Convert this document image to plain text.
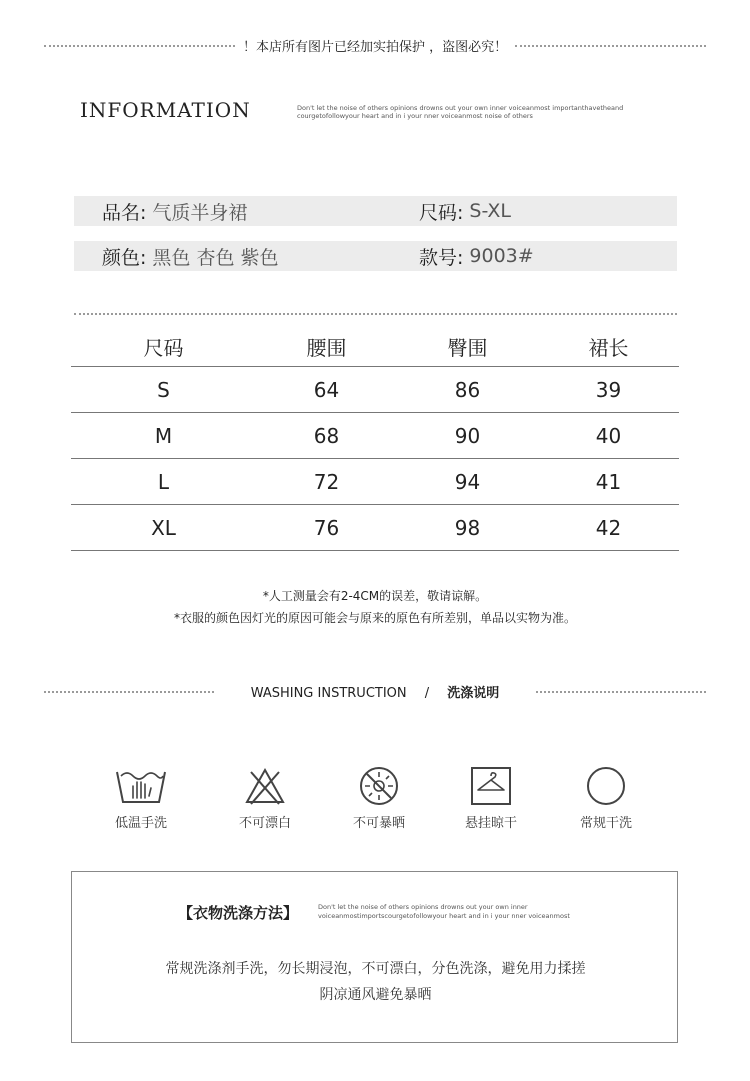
！本店所有图片已经加实拍保护 ，盗图必究！
INFORMATION	Don't let the noise of others opinions drowns out your own inner voiceanmost importanthavetheand courgetofollowyour heart and in i your nner voiceanmost noise of others
品名: 气质半身裙	尺码: S-XL
颜色: 黑色 杏色 紫色	款号: 9003#
尺码	腰围	臀围	裙长
S	64	86	39
M	68	90	40
L	72	94	41
XL	76	98	42
*人工测量会有2-4CM的误差，敬请谅解。
*衣服的颜色因灯光的原因可能会与原来的原色有所差别，单品以实物为准。
WASHING INSTRUCTION / 洗涤说明
低温手洗	不可漂白	不可暴晒	悬挂晾干	常规干洗
【衣物洗涤方法】	Don't let the noise of others opinions drowns out your own inner voiceanmostimportscourgetofollowyour heart and in i your nner voiceanmost
常规洗涤剂手洗，勿长期浸泡，不可漂白，分色洗涤，避免用力揉搓
阴凉通风避免暴晒
